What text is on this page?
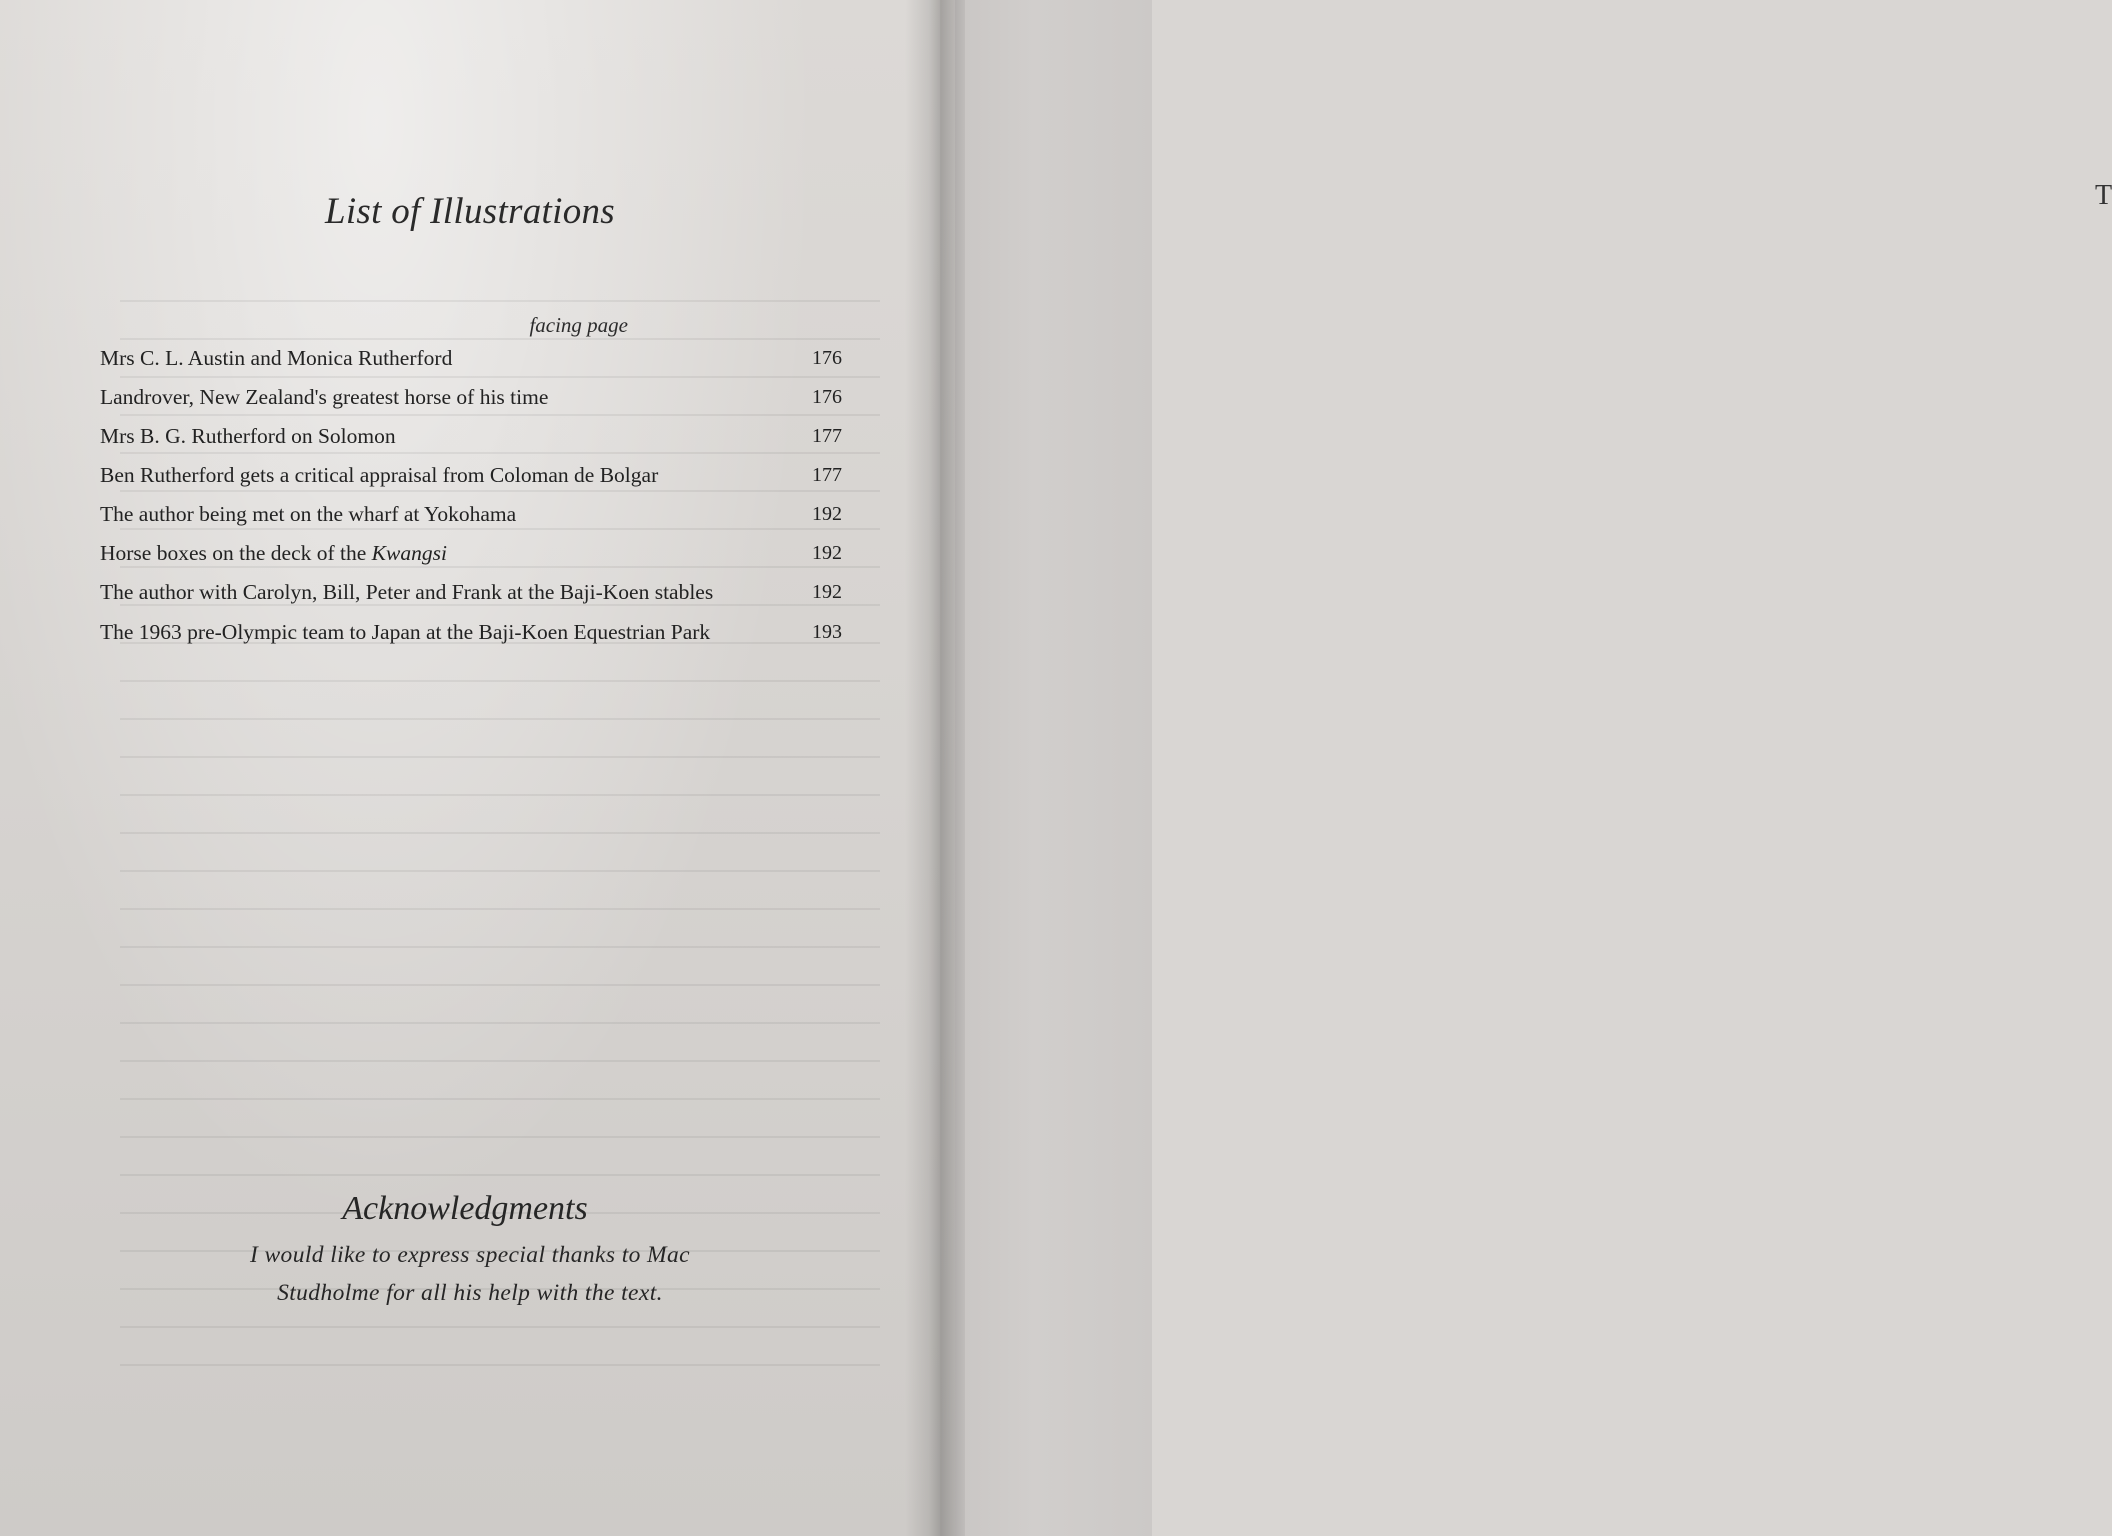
T
List of Illustrations
facing page
Mrs C. L. Austin and Monica Rutherford	176
Landrover, New Zealand's greatest horse of his time	176
Mrs B. G. Rutherford on Solomon	177
Ben Rutherford gets a critical appraisal from Coloman de Bolgar	177
The author being met on the wharf at Yokohama	192
Horse boxes on the deck of the Kwangsi	192
The author with Carolyn, Bill, Peter and Frank at the Baji-Koen stables	192
The 1963 pre-Olympic team to Japan at the Baji-Koen Equestrian Park	193
Acknowledgments
I would like to express special thanks to Mac
Studholme for all his help with the text.
